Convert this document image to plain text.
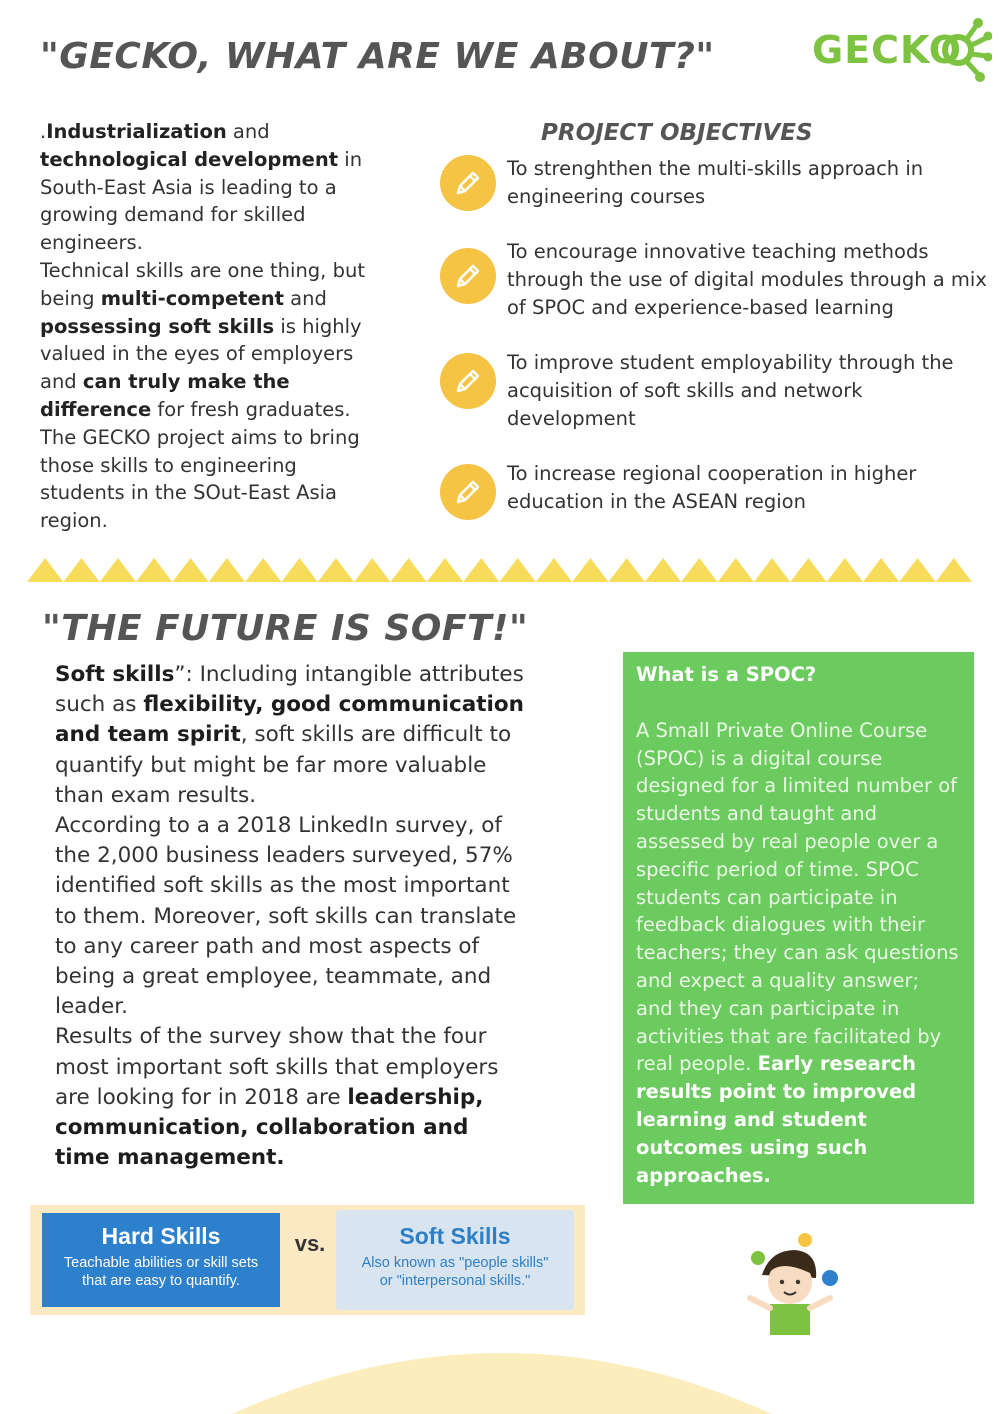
"GECKO, WHAT ARE WE ABOUT?"	GECKO
.Industrialization and technological development in South-East Asia is leading to a growing demand for skilled engineers.
Technical skills are one thing, but being multi-competent and possessing soft skills is highly valued in the eyes of employers and can truly make the difference for fresh graduates.
The GECKO project aims to bring those skills to engineering students in the SOut-East Asia region.
PROJECT OBJECTIVES
To strenghthen the multi-skills approach in
engineering courses
To encourage innovative teaching methods
through the use of digital modules through a mix
of SPOC and experience-based learning
To improve student employability through the
acquisition of soft skills and network
development
To increase regional cooperation in higher
education in the ASEAN region
"THE FUTURE IS SOFT!"
Soft skills”: Including intangible attributes such as flexibility, good communication and team spirit, soft skills are difficult to quantify but might be far more valuable than exam results.
According to a a 2018 LinkedIn survey, of the 2,000 business leaders surveyed, 57% identified soft skills as the most important to them. Moreover, soft skills can translate to any career path and most aspects of being a great employee, teammate, and leader.
Results of the survey show that the four most important soft skills that employers are looking for in 2018 are leadership, communication, collaboration and time management.
What is a SPOC?
A Small Private Online Course (SPOC) is a digital course designed for a limited number of students and taught and assessed by real people over a specific period of time. SPOC students can participate in feedback dialogues with their teachers; they can ask questions and expect a quality answer; and they can participate in activities that are facilitated by real people. Early research results point to improved learning and student outcomes using such approaches.
Hard Skills
Teachable abilities or skill sets
that are easy to quantify.
vs.	Soft Skills
Also known as "people skills"
or "interpersonal skills."
